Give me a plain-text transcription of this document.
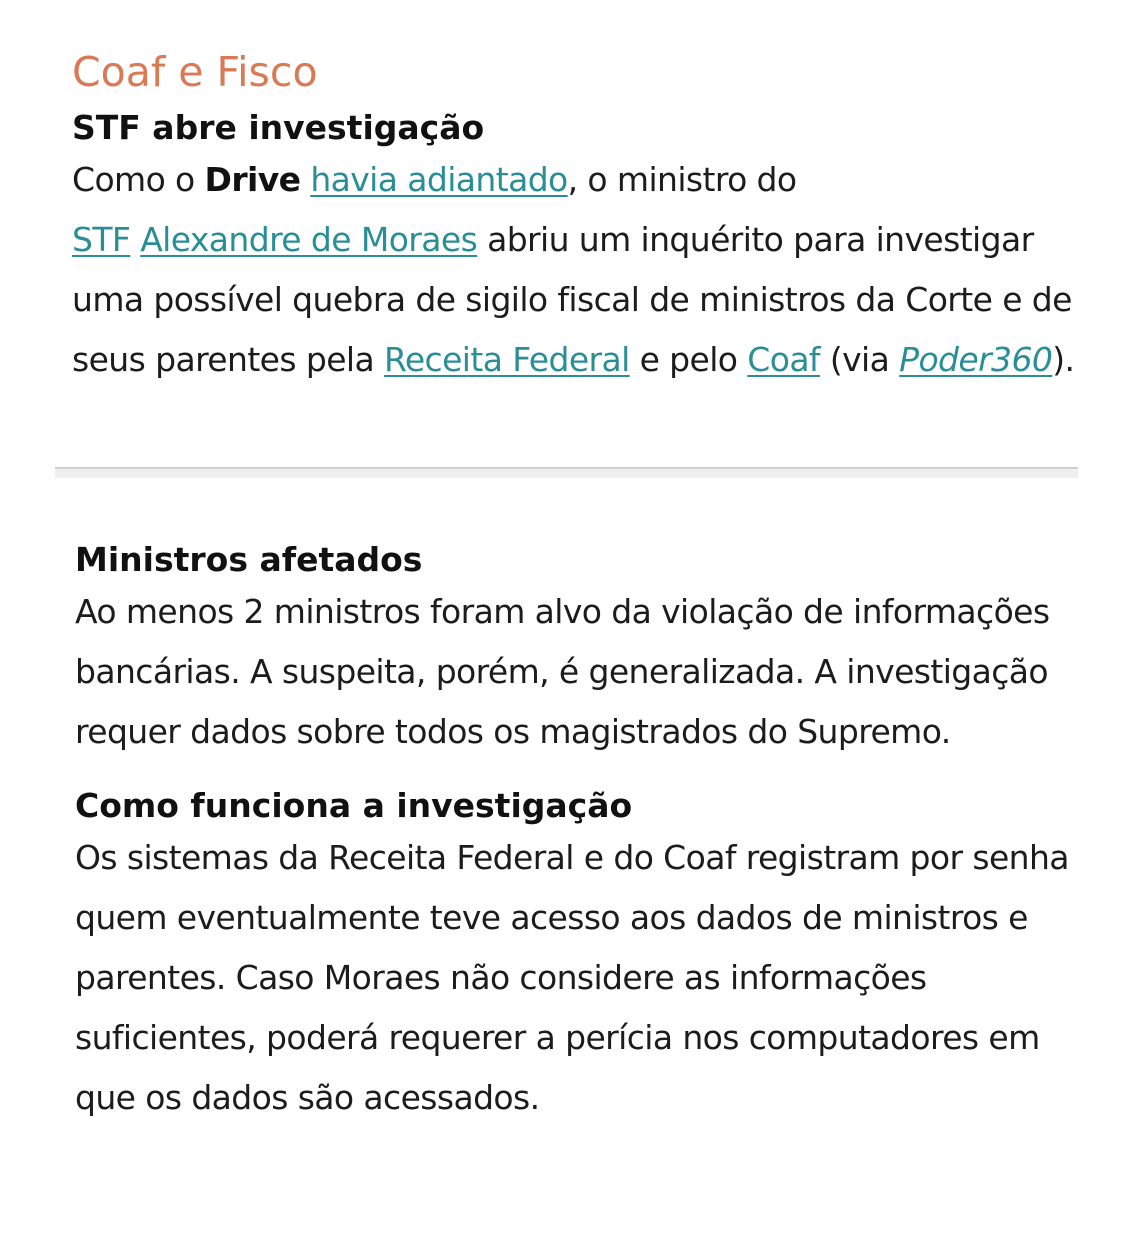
Coaf e Fisco
STF abre investigação

Como o Drive havia adiantado, o ministro do
STF Alexandre de Moraes abriu um inquérito para investigar uma possível quebra de sigilo fiscal de ministros da Corte e de seus parentes pela Receita Federal e pelo Coaf (via Poder360).

Ministros afetados

Ao menos 2 ministros foram alvo da violação de informações bancárias. A suspeita, porém, é generalizada. A investigação requer dados sobre todos os magistrados do Supremo.

Como funciona a investigação

Os sistemas da Receita Federal e do Coaf registram por senha quem eventualmente teve acesso aos dados de ministros e parentes. Caso Moraes não considere as informações suficientes, poderá requerer a perícia nos computadores em que os dados são acessados.
